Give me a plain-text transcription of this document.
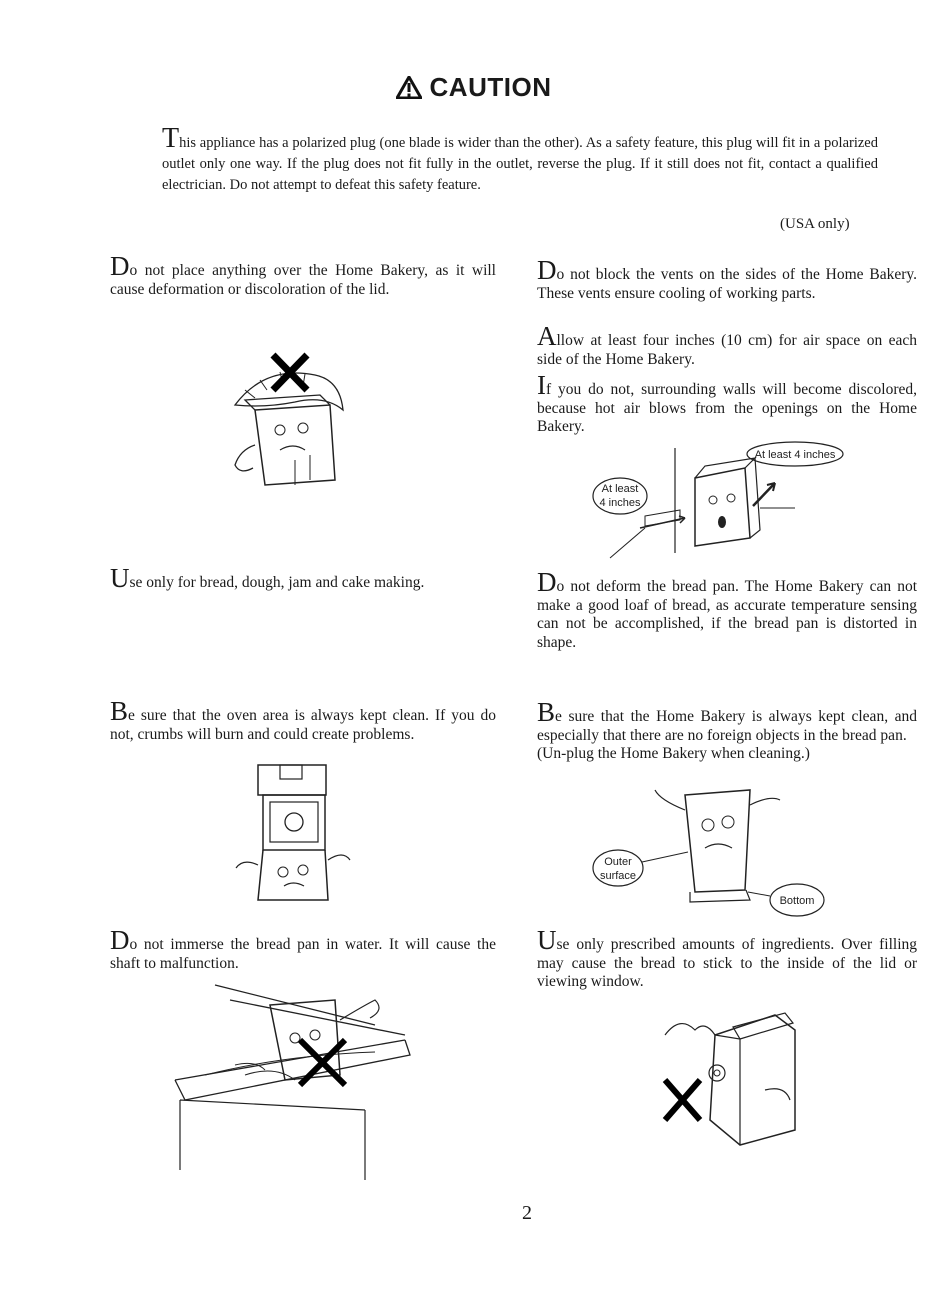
CAUTION
This appliance has a polarized plug (one blade is wider than the other). As a safety feature, this plug will fit in a polarized outlet only one way. If the plug does not fit fully in the outlet, reverse the plug. If it still does not fit, contact a qualified electrician. Do not attempt to defeat this safety feature.
(USA only)
Do not place anything over the Home Bakery, as it will cause deformation or discoloration of the lid.
Use only for bread, dough, jam and cake making.
Be sure that the oven area is always kept clean. If you do not, crumbs will burn and could create problems.
Do not immerse the bread pan in water. It will cause the shaft to malfunction.
Do not block the vents on the sides of the Home Bakery. These vents ensure cooling of working parts.
Allow at least four inches (10 cm) for air space on each side of the Home Bakery.
If you do not, surrounding walls will become discolored, because hot air blows from the openings on the Home Bakery.
At least 4 inches
At least
4 inches
Do not deform the bread pan. The Home Bakery can not make a good loaf of bread, as accurate temperature sensing can not be accomplished, if the bread pan is distorted in shape.
Be sure that the Home Bakery is always kept clean, and especially that there are no foreign objects in the bread pan.
(Un-plug the Home Bakery when cleaning.)
Outer
surface
Bottom
Use only prescribed amounts of ingredients. Over filling may cause the bread to stick to the inside of the lid or viewing window.
2
